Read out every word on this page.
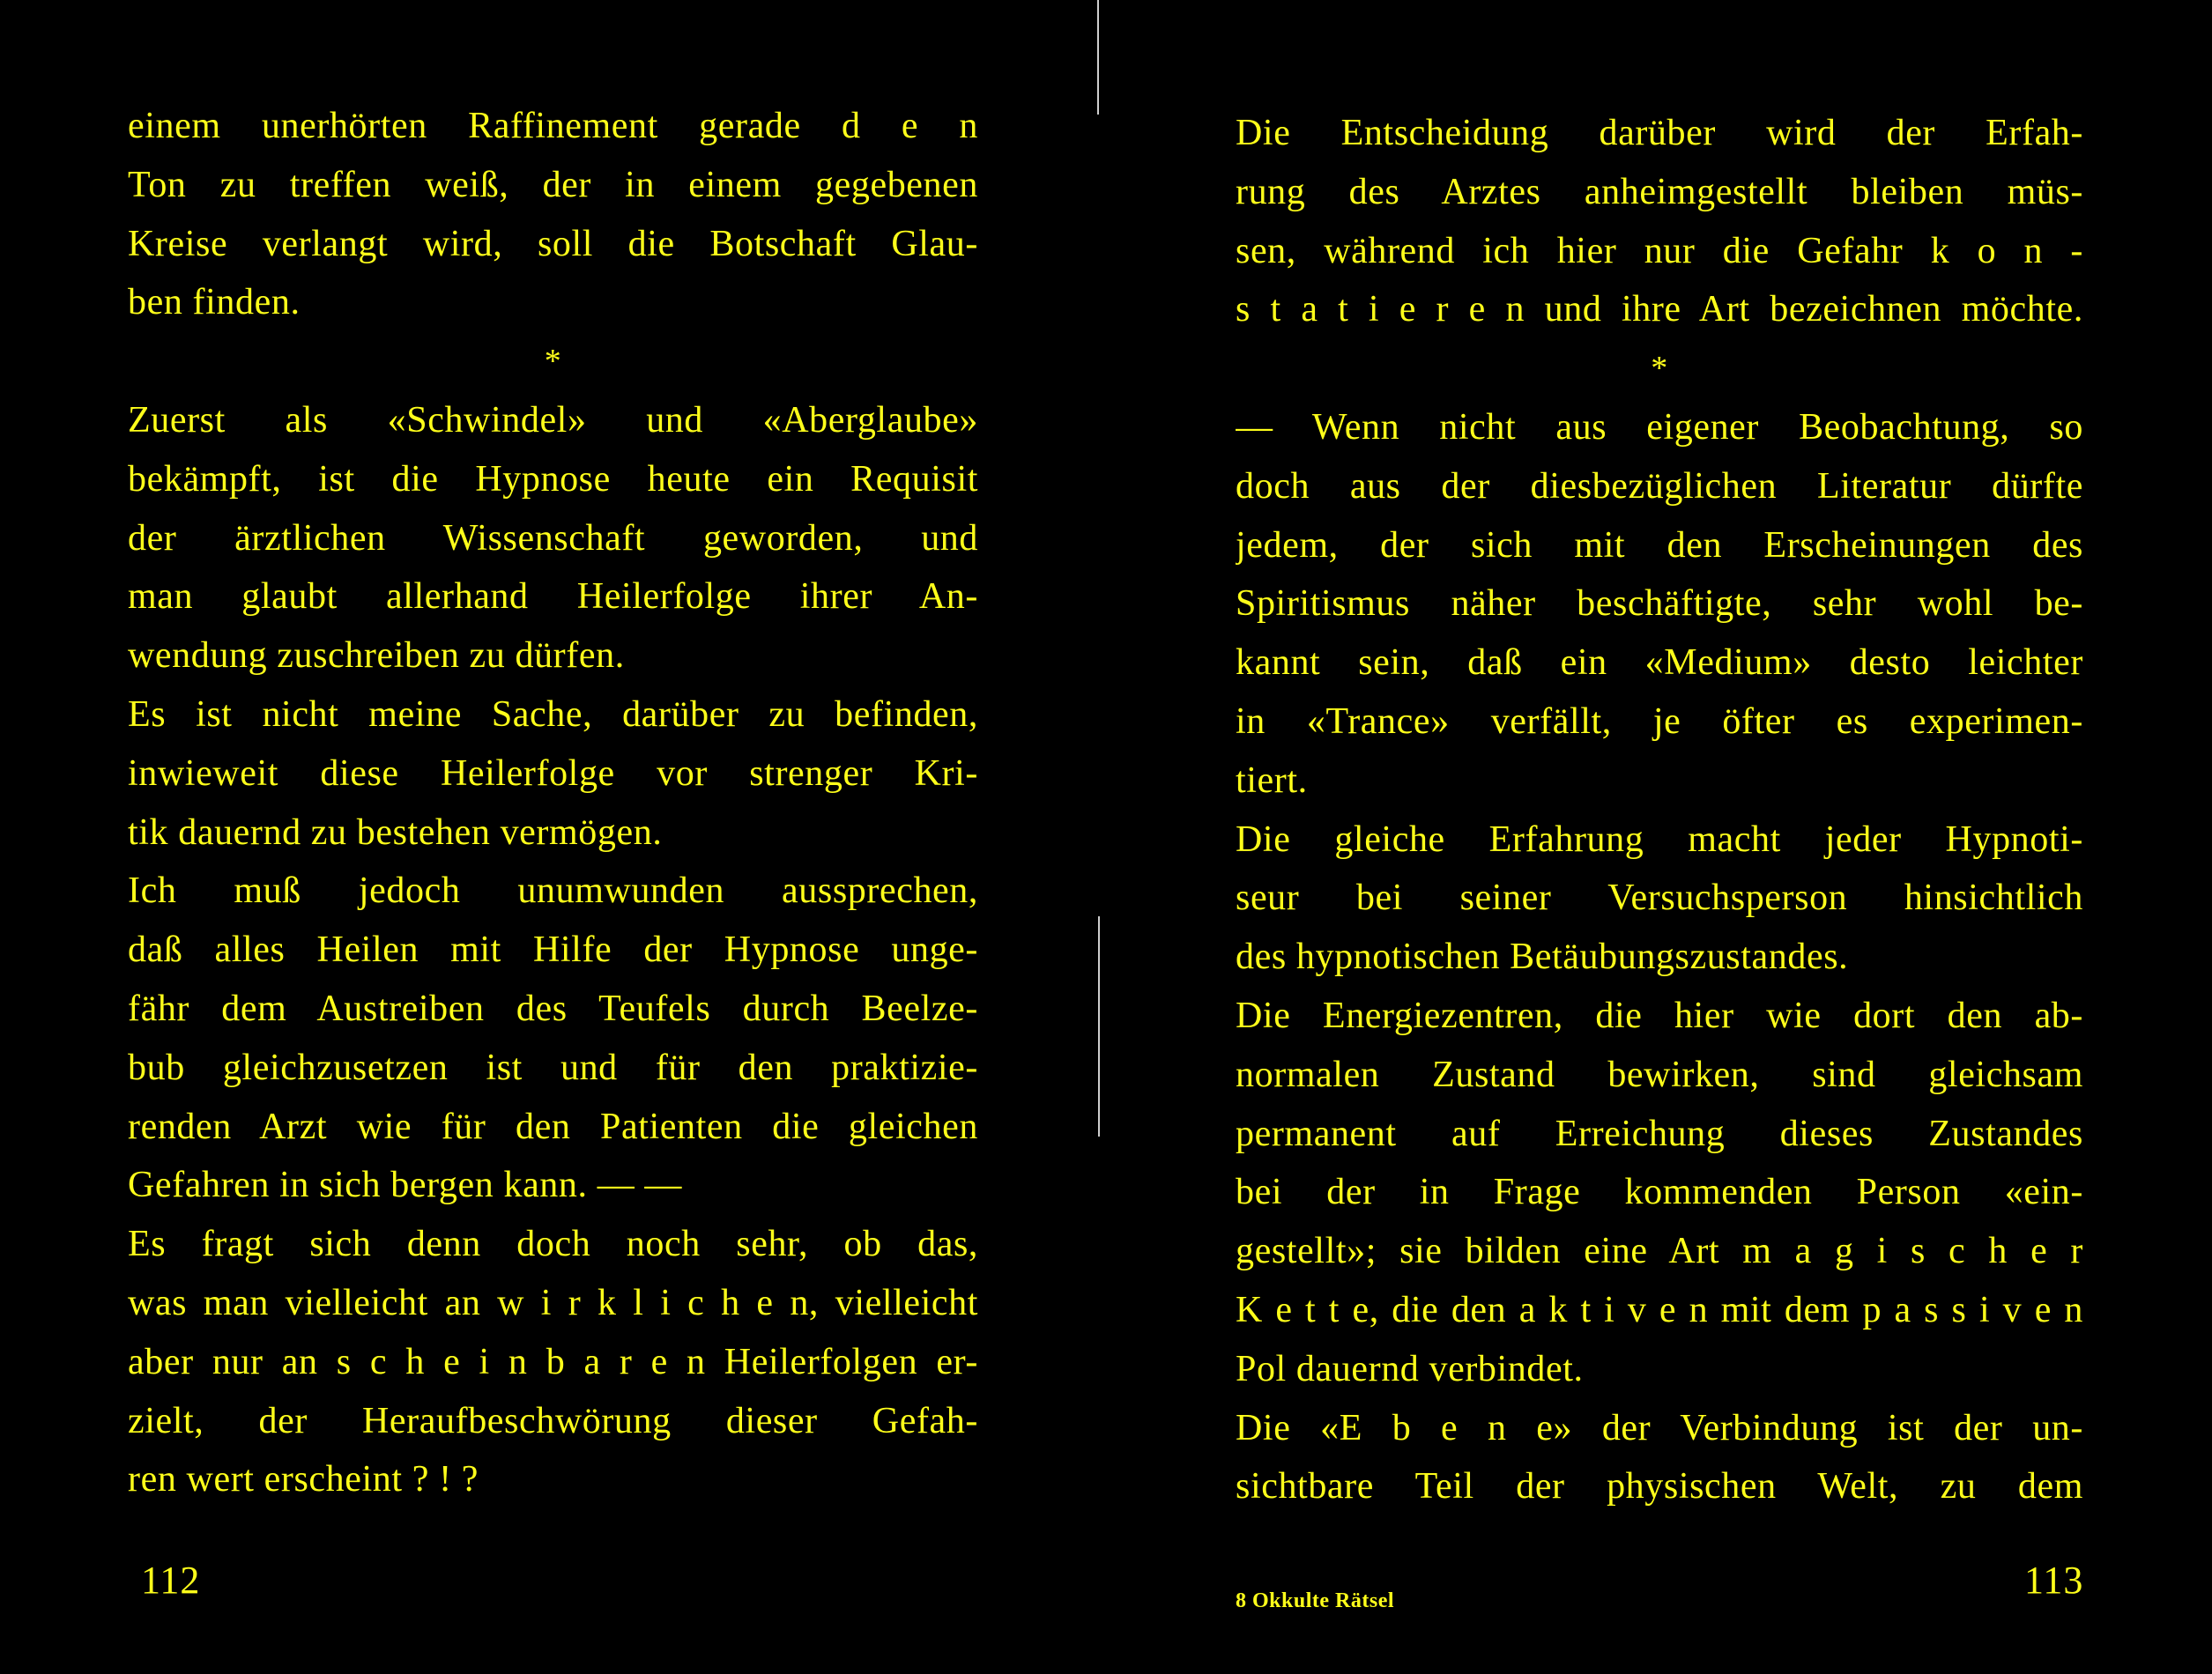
einem unerhörten Raffinement gerade d e n
Ton zu treffen weiß, der in einem gegebenen
Kreise verlangt wird, soll die Botschaft Glau-
ben finden.
*
Zuerst als «Schwindel» und «Aberglaube»
bekämpft, ist die Hypnose heute ein Requisit
der ärztlichen Wissenschaft geworden, und
man glaubt allerhand Heilerfolge ihrer An-
wendung zuschreiben zu dürfen.
Es ist nicht meine Sache, darüber zu befinden,
inwieweit diese Heilerfolge vor strenger Kri-
tik dauernd zu bestehen vermögen.
Ich muß jedoch unumwunden aussprechen,
daß alles Heilen mit Hilfe der Hypnose unge-
fähr dem Austreiben des Teufels durch Beelze-
bub gleichzusetzen ist und für den praktizie-
renden Arzt wie für den Patienten die gleichen
Gefahren in sich bergen kann. — —
Es fragt sich denn doch noch sehr, ob das,
was man vielleicht an w i r k l i c h e n, vielleicht
aber nur an s c h e i n b a r e n Heilerfolgen er-
zielt, der Heraufbeschwörung dieser Gefah-
ren wert erscheint ? ! ?
112
Die Entscheidung darüber wird der Erfah-
rung des Arztes anheimgestellt bleiben müs-
sen, während ich hier nur die Gefahr k o n -
s t a t i e r e n und ihre Art bezeichnen möchte.
*
— Wenn nicht aus eigener Beobachtung, so
doch aus der diesbezüglichen Literatur dürfte
jedem, der sich mit den Erscheinungen des
Spiritismus näher beschäftigte, sehr wohl be-
kannt sein, daß ein «Medium» desto leichter
in «Trance» verfällt, je öfter es experimen-
tiert.
Die gleiche Erfahrung macht jeder Hypnoti-
seur bei seiner Versuchsperson hinsichtlich
des hypnotischen Betäubungszustandes.
Die Energiezentren, die hier wie dort den ab-
normalen Zustand bewirken, sind gleichsam
permanent auf Erreichung dieses Zustandes
bei der in Frage kommenden Person «ein-
gestellt»; sie bilden eine Art m a g i s c h e r
K e t t e, die den a k t i v e n mit dem p a s s i v e n
Pol dauernd verbindet.
Die «E b e n e» der Verbindung ist der un-
sichtbare Teil der physischen Welt, zu dem
8 Okkulte Rätsel	113
